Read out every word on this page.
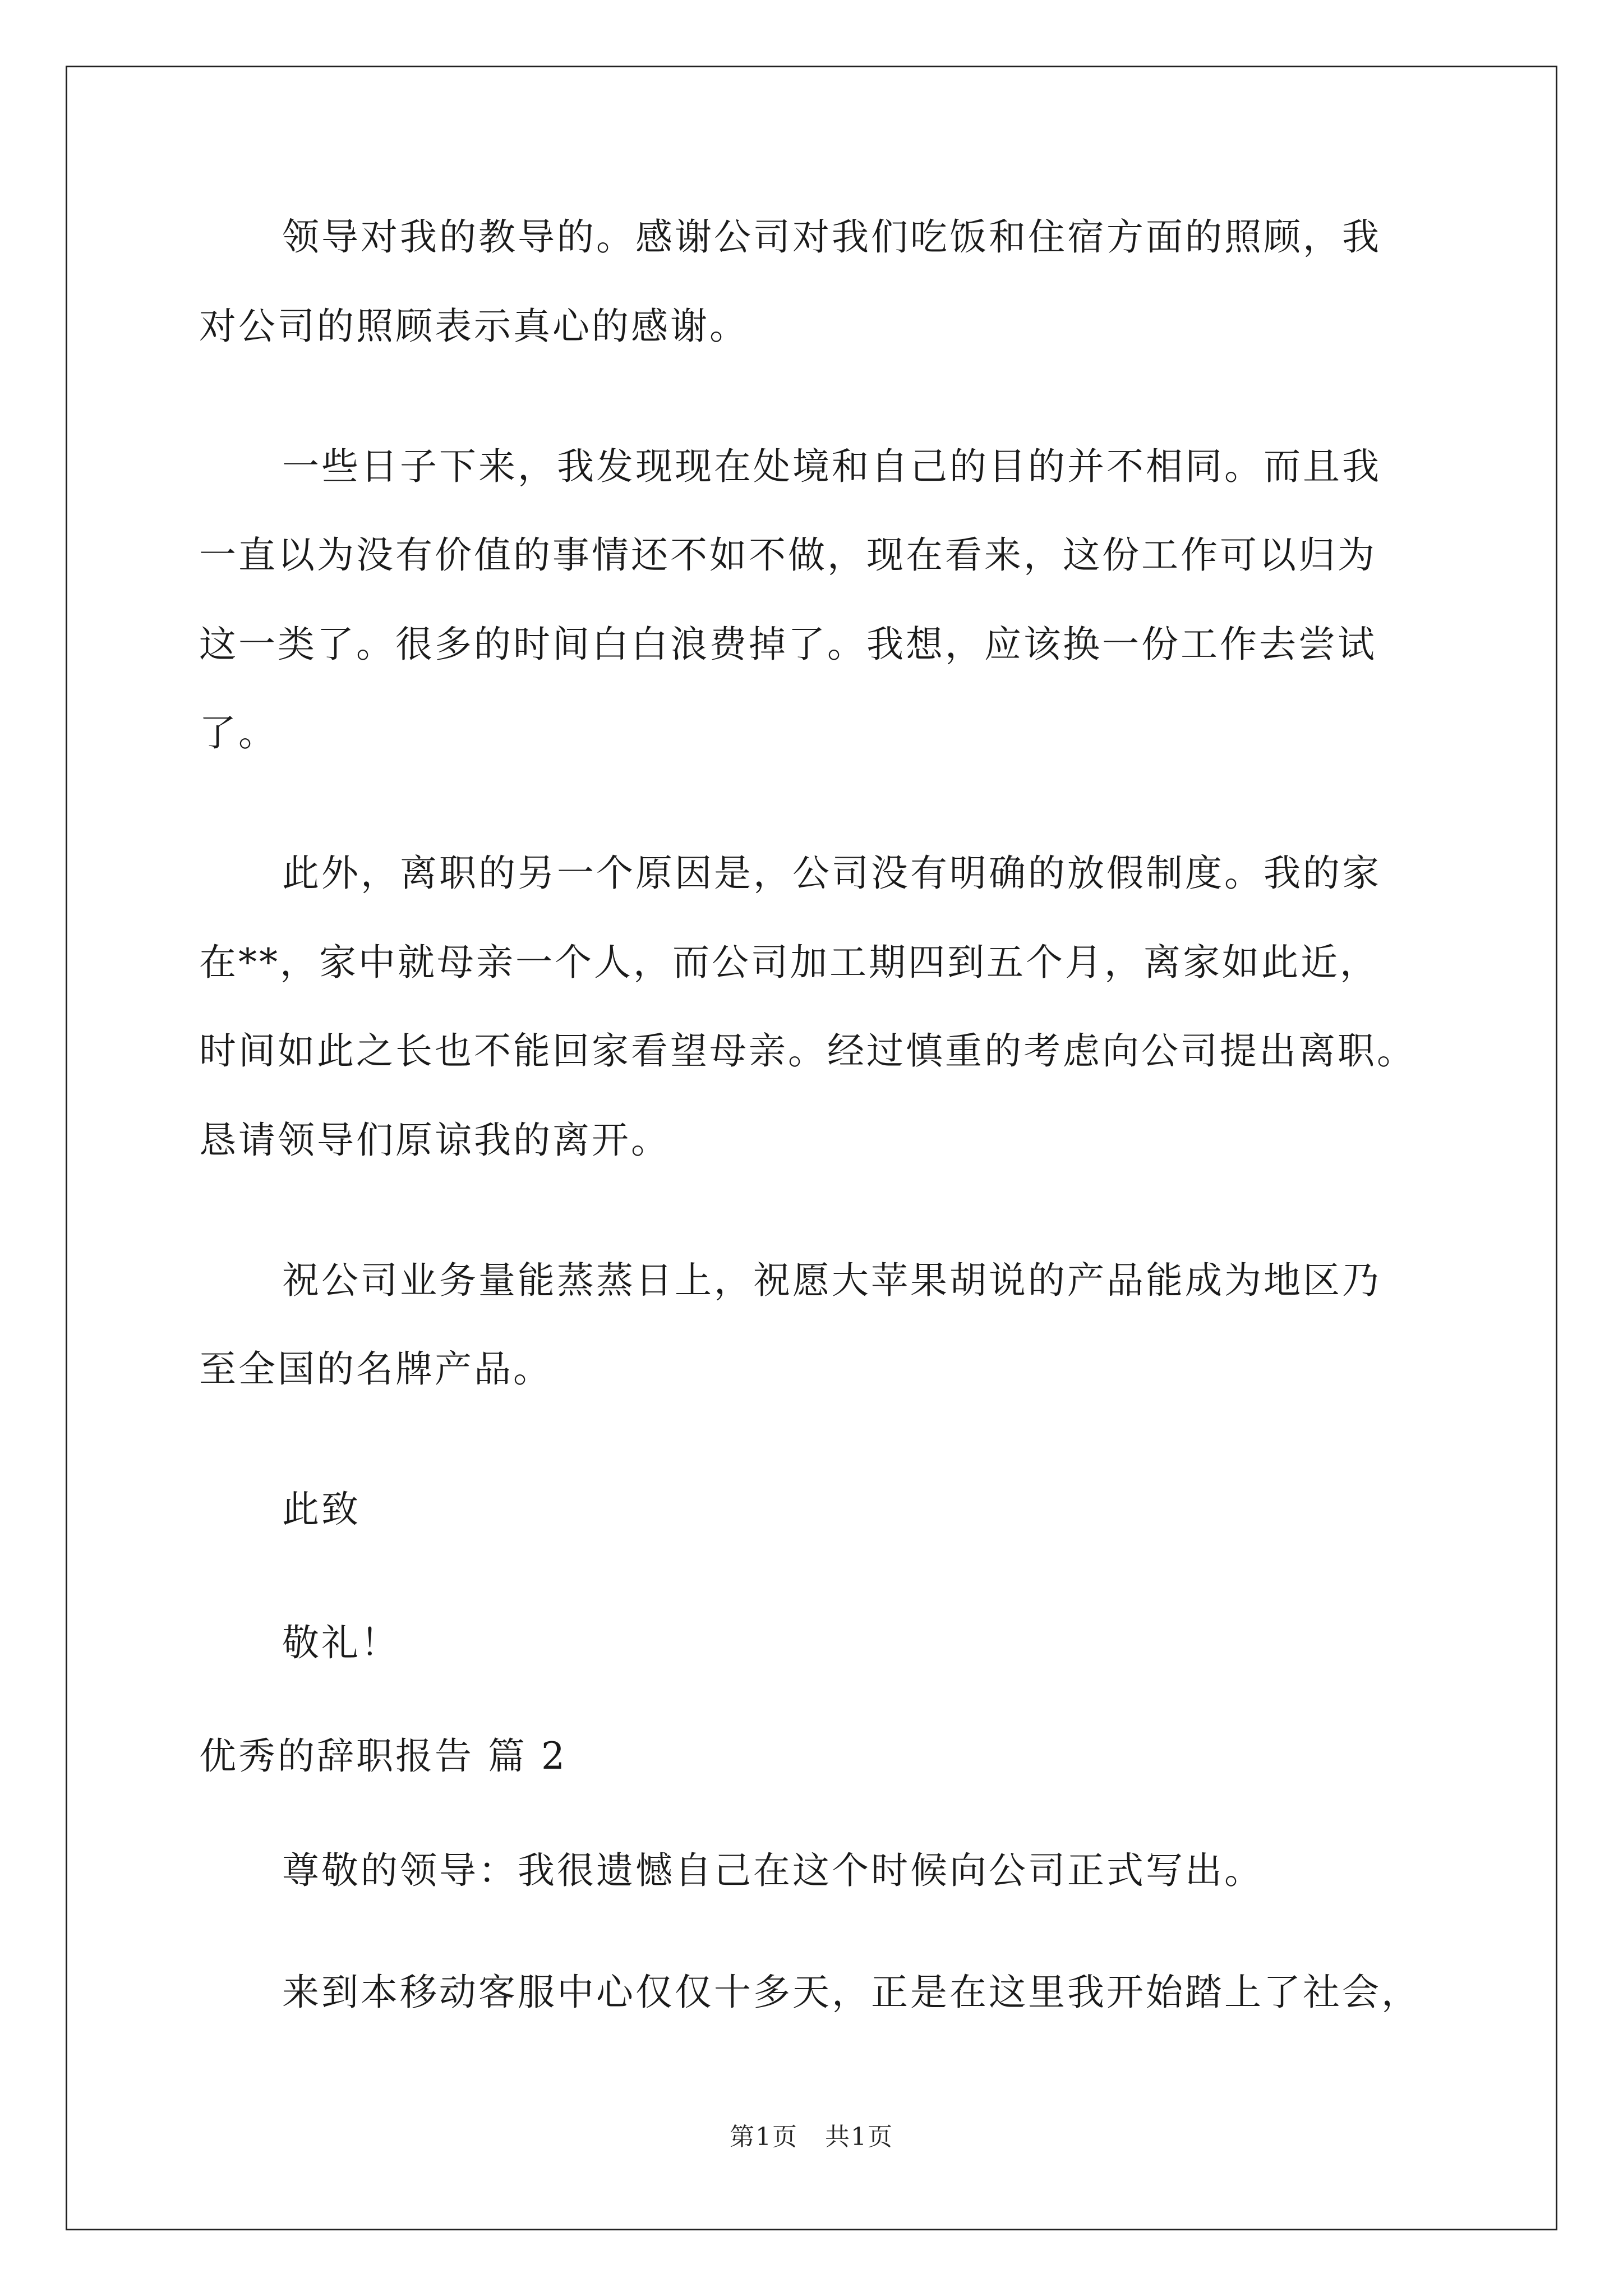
领导对我的教导的。感谢公司对我们吃饭和住宿方面的照顾，我
对公司的照顾表示真心的感谢。
一些日子下来，我发现现在处境和自己的目的并不相同。而且我
一直以为没有价值的事情还不如不做，现在看来，这份工作可以归为
这一类了。很多的时间白白浪费掉了。我想，应该换一份工作去尝试
了。
此外，离职的另一个原因是，公司没有明确的放假制度。我的家
在**，家中就母亲一个人，而公司加工期四到五个月，离家如此近，
时间如此之长也不能回家看望母亲。经过慎重的考虑向公司提出离职。
恳请领导们原谅我的离开。
祝公司业务量能蒸蒸日上，祝愿大苹果胡说的产品能成为地区乃
至全国的名牌产品。
此致
敬礼！
优秀的辞职报告 篇 2
尊敬的领导：我很遗憾自己在这个时候向公司正式写出。
来到本移动客服中心仅仅十多天，正是在这里我开始踏上了社会，
第1页 共1页
